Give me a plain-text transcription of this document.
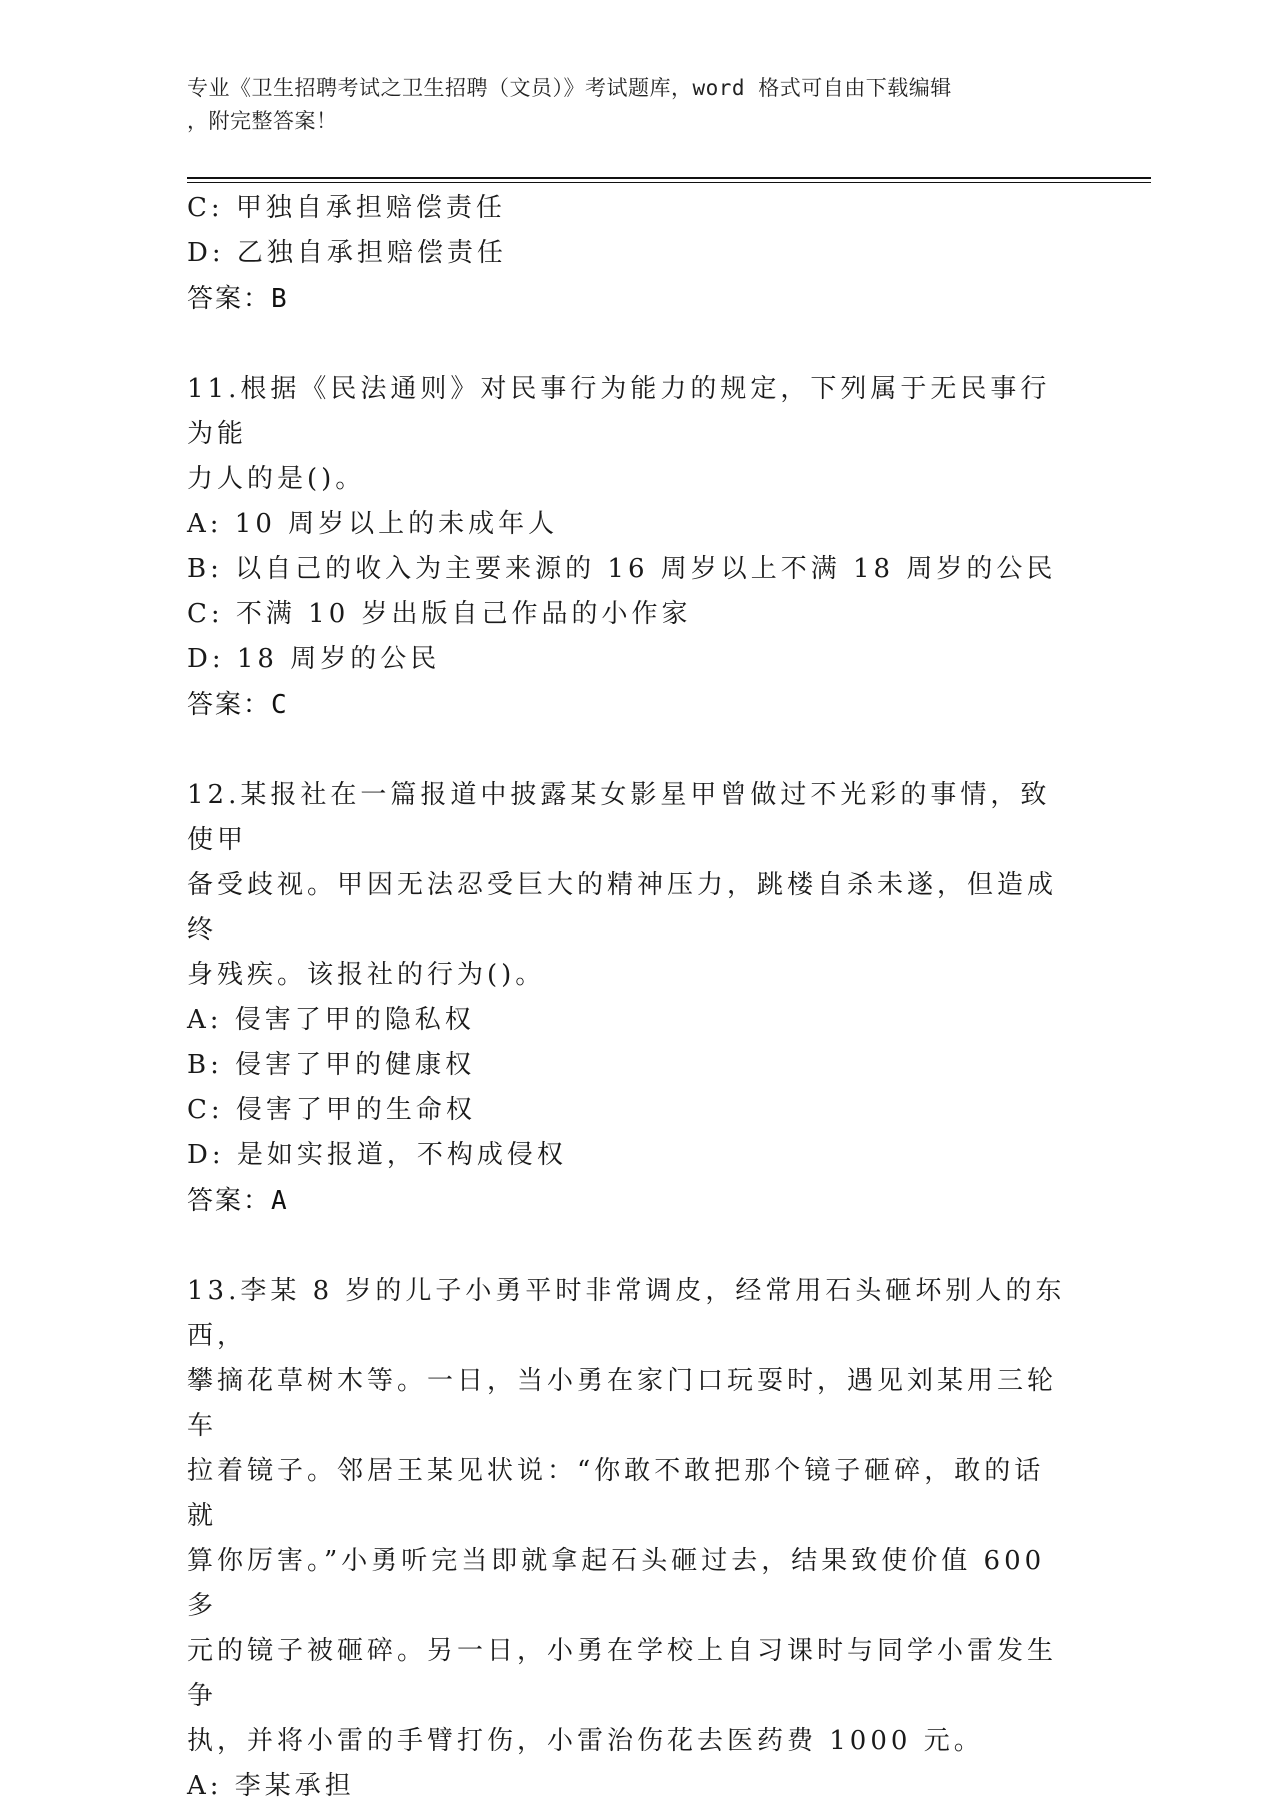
专业《卫生招聘考试之卫生招聘（文员）》考试题库，word 格式可自由下载编辑
，附完整答案！
C: 甲独自承担赔偿责任
D: 乙独自承担赔偿责任
答案：B
11.根据《民法通则》对民事行为能力的规定，下列属于无民事行为能
力人的是()。
A: 10 周岁以上的未成年人
B: 以自己的收入为主要来源的 16 周岁以上不满 18 周岁的公民
C: 不满 10 岁出版自己作品的小作家
D: 18 周岁的公民
答案：C
12.某报社在一篇报道中披露某女影星甲曾做过不光彩的事情，致使甲
备受歧视。甲因无法忍受巨大的精神压力，跳楼自杀未遂，但造成终
身残疾。该报社的行为()。
A: 侵害了甲的隐私权
B: 侵害了甲的健康权
C: 侵害了甲的生命权
D: 是如实报道，不构成侵权
答案：A
13.李某 8 岁的儿子小勇平时非常调皮，经常用石头砸坏别人的东西，
攀摘花草树木等。一日，当小勇在家门口玩耍时，遇见刘某用三轮车
拉着镜子。邻居王某见状说：“你敢不敢把那个镜子砸碎，敢的话就
算你厉害。”小勇听完当即就拿起石头砸过去，结果致使价值 600 多
元的镜子被砸碎。另一日，小勇在学校上自习课时与同学小雷发生争
执，并将小雷的手臂打伤，小雷治伤花去医药费 1000 元。
A: 李某承担
